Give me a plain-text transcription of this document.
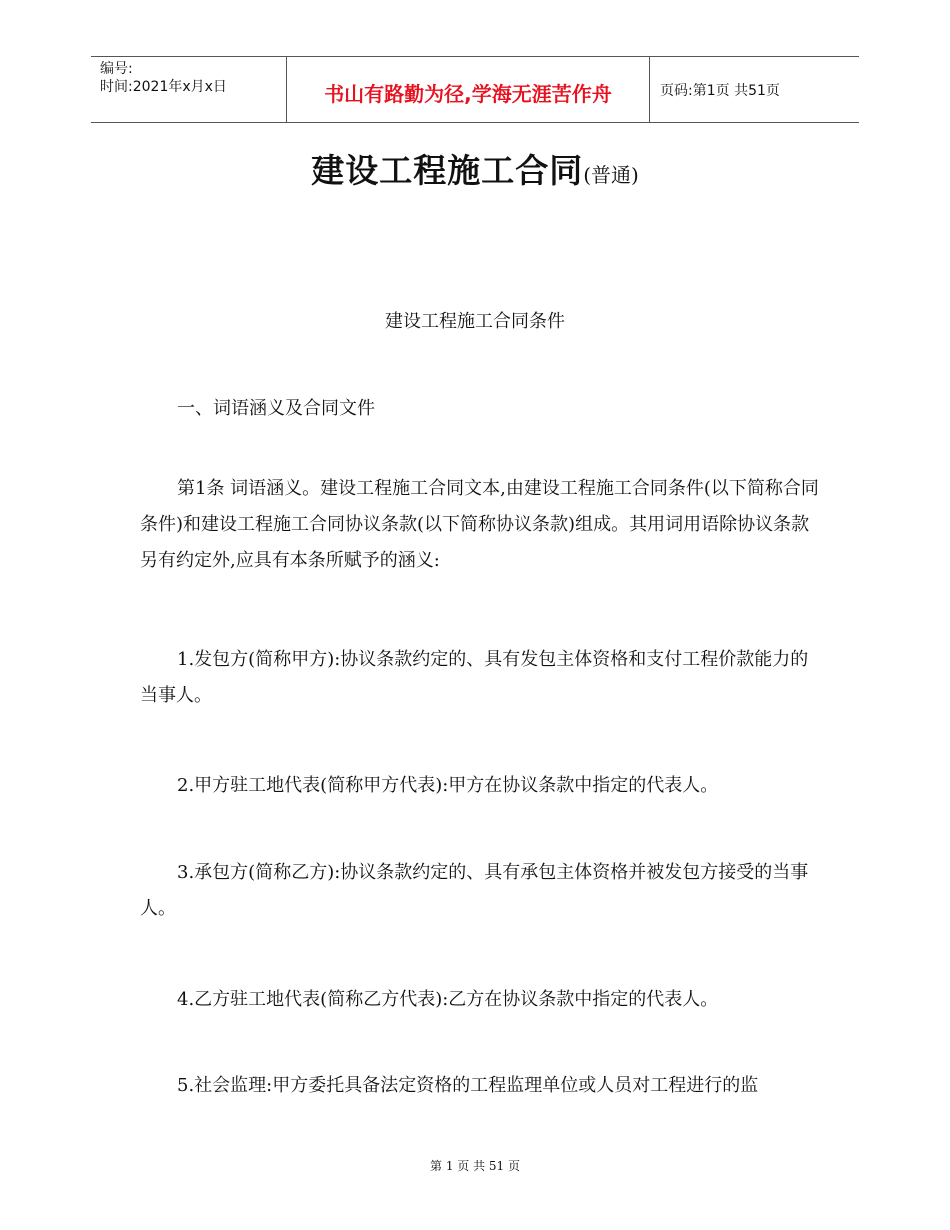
编号:
时间:2021年x月x日	书山有路勤为径,学海无涯苦作舟	页码:第1页 共51页
建设工程施工合同(普通)
建设工程施工合同条件

一、词语涵义及合同文件

第1条 词语涵义。建设工程施工合同文本,由建设工程施工合同条件(以下简称合同条件)和建设工程施工合同协议条款(以下简称协议条款)组成。其用词用语除协议条款另有约定外,应具有本条所赋予的涵义:

1.发包方(简称甲方):协议条款约定的、具有发包主体资格和支付工程价款能力的当事人。

2.甲方驻工地代表(简称甲方代表):甲方在协议条款中指定的代表人。

3.承包方(简称乙方):协议条款约定的、具有承包主体资格并被发包方接受的当事人。

4.乙方驻工地代表(简称乙方代表):乙方在协议条款中指定的代表人。

5.社会监理:甲方委托具备法定资格的工程监理单位或人员对工程进行的监

第 1 页 共 51 页
